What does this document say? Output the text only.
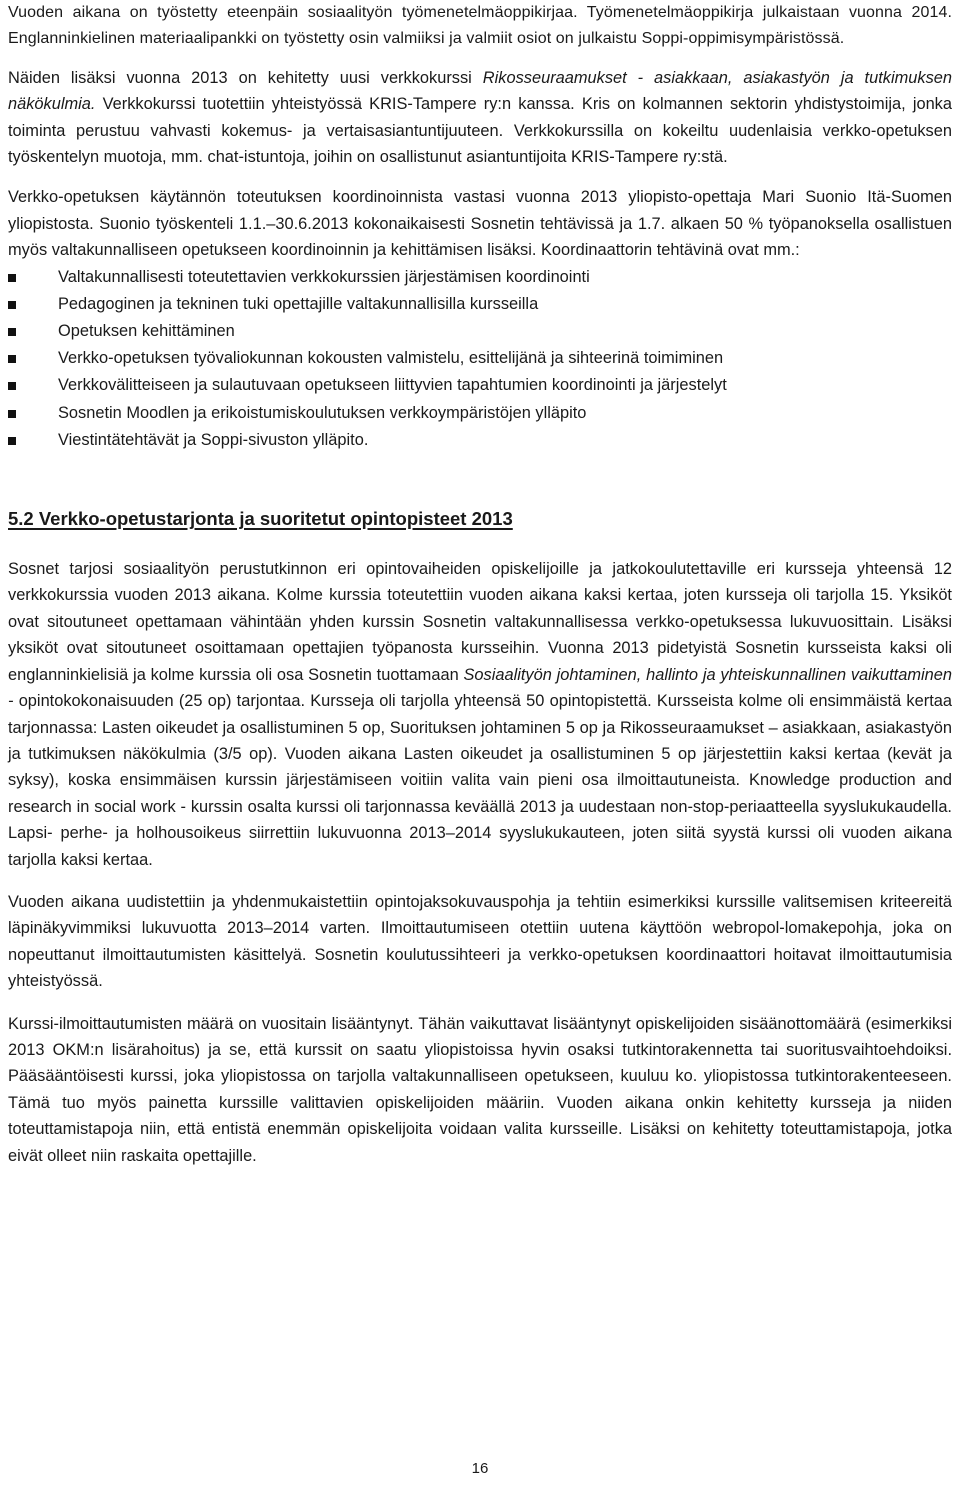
Vuoden aikana on työstetty eteenpäin sosiaalityön työmenetelmäoppikirjaa. Työmenetelmäoppikirja julkaistaan vuonna 2014. Englanninkielinen materiaalipankki on työstetty osin valmiiksi ja valmiit osiot on julkaistu Soppi-oppimisympäristössä.

Näiden lisäksi vuonna 2013 on kehitetty uusi verkkokurssi Rikosseuraamukset - asiakkaan, asiakastyön ja tutkimuksen näkökulmia. Verkkokurssi tuotettiin yhteistyössä KRIS-Tampere ry:n kanssa. Kris on kolmannen sektorin yhdistystoimija, jonka toiminta perustuu vahvasti kokemus- ja vertaisasiantuntijuuteen. Verkkokurssilla on kokeiltu uudenlaisia verkko-opetuksen työskentelyn muotoja, mm. chat-istuntoja, joihin on osallistunut asiantuntijoita KRIS-Tampere ry:stä.

Verkko-opetuksen käytännön toteutuksen koordinoinnista vastasi vuonna 2013 yliopisto-opettaja Mari Suonio Itä-Suomen yliopistosta. Suonio työskenteli 1.1.–30.6.2013 kokonaikaisesti Sosnetin tehtävissä ja 1.7. alkaen 50 % työpanoksella osallistuen myös valtakunnalliseen opetukseen koordinoinnin ja kehittämisen lisäksi. Koordinaattorin tehtävinä ovat mm.:

Valtakunnallisesti toteutettavien verkkokurssien järjestämisen koordinointi
Pedagoginen ja tekninen tuki opettajille valtakunnallisilla kursseilla
Opetuksen kehittäminen
Verkko-opetuksen työvaliokunnan kokousten valmistelu, esittelijänä ja sihteerinä toimiminen
Verkkovälitteiseen ja sulautuvaan opetukseen liittyvien tapahtumien koordinointi ja järjestelyt
Sosnetin Moodlen ja erikoistumiskoulutuksen verkkoympäristöjen ylläpito
Viestintätehtävät ja Soppi-sivuston ylläpito.
5.2 Verkko-opetustarjonta ja suoritetut opintopisteet 2013

Sosnet tarjosi sosiaalityön perustutkinnon eri opintovaiheiden opiskelijoille ja jatkokoulutettaville eri kursseja yhteensä 12 verkkokurssia vuoden 2013 aikana. Kolme kurssia toteutettiin vuoden aikana kaksi kertaa, joten kursseja oli tarjolla 15. Yksiköt ovat sitoutuneet opettamaan vähintään yhden kurssin Sosnetin valtakunnallisessa verkko-opetuksessa lukuvuosittain. Lisäksi yksiköt ovat sitoutuneet osoittamaan opettajien työpanosta kursseihin. Vuonna 2013 pidetyistä Sosnetin kursseista kaksi oli englanninkielisiä ja kolme kurssia oli osa Sosnetin tuottamaan Sosiaalityön johtaminen, hallinto ja yhteiskunnallinen vaikuttaminen - opintokokonaisuuden (25 op) tarjontaa. Kursseja oli tarjolla yhteensä 50 opintopistettä. Kursseista kolme oli ensimmäistä kertaa tarjonnassa: Lasten oikeudet ja osallistuminen 5 op, Suorituksen johtaminen 5 op ja Rikosseuraamukset – asiakkaan, asiakastyön ja tutkimuksen näkökulmia (3/5 op). Vuoden aikana Lasten oikeudet ja osallistuminen 5 op järjestettiin kaksi kertaa (kevät ja syksy), koska ensimmäisen kurssin järjestämiseen voitiin valita vain pieni osa ilmoittautuneista. Knowledge production and research in social work - kurssin osalta kurssi oli tarjonnassa keväällä 2013 ja uudestaan non-stop-periaatteella syyslukukaudella. Lapsi- perhe- ja holhousoikeus siirrettiin lukuvuonna 2013–2014 syyslukukauteen, joten siitä syystä kurssi oli vuoden aikana tarjolla kaksi kertaa.

Vuoden aikana uudistettiin ja yhdenmukaistettiin opintojaksokuvauspohja ja tehtiin esimerkiksi kurssille valitsemisen kriteereitä läpinäkyvimmiksi lukuvuotta 2013–2014 varten. Ilmoittautumiseen otettiin uutena käyttöön webropol-lomakepohja, joka on nopeuttanut ilmoittautumisten käsittelyä. Sosnetin koulutussihteeri ja verkko-opetuksen koordinaattori hoitavat ilmoittautumisia yhteistyössä.

Kurssi-ilmoittautumisten määrä on vuositain lisääntynyt. Tähän vaikuttavat lisääntynyt opiskelijoiden sisäänottomäärä (esimerkiksi 2013 OKM:n lisärahoitus) ja se, että kurssit on saatu yliopistoissa hyvin osaksi tutkintorakennetta tai suoritusvaihtoehdoiksi. Pääsääntöisesti kurssi, joka yliopistossa on tarjolla valtakunnalliseen opetukseen, kuuluu ko. yliopistossa tutkintorakenteeseen. Tämä tuo myös painetta kurssille valittavien opiskelijoiden määriin. Vuoden aikana onkin kehitetty kursseja ja niiden toteuttamistapoja niin, että entistä enemmän opiskelijoita voidaan valita kursseille. Lisäksi on kehitetty toteuttamistapoja, jotka eivät olleet niin raskaita opettajille.

16
